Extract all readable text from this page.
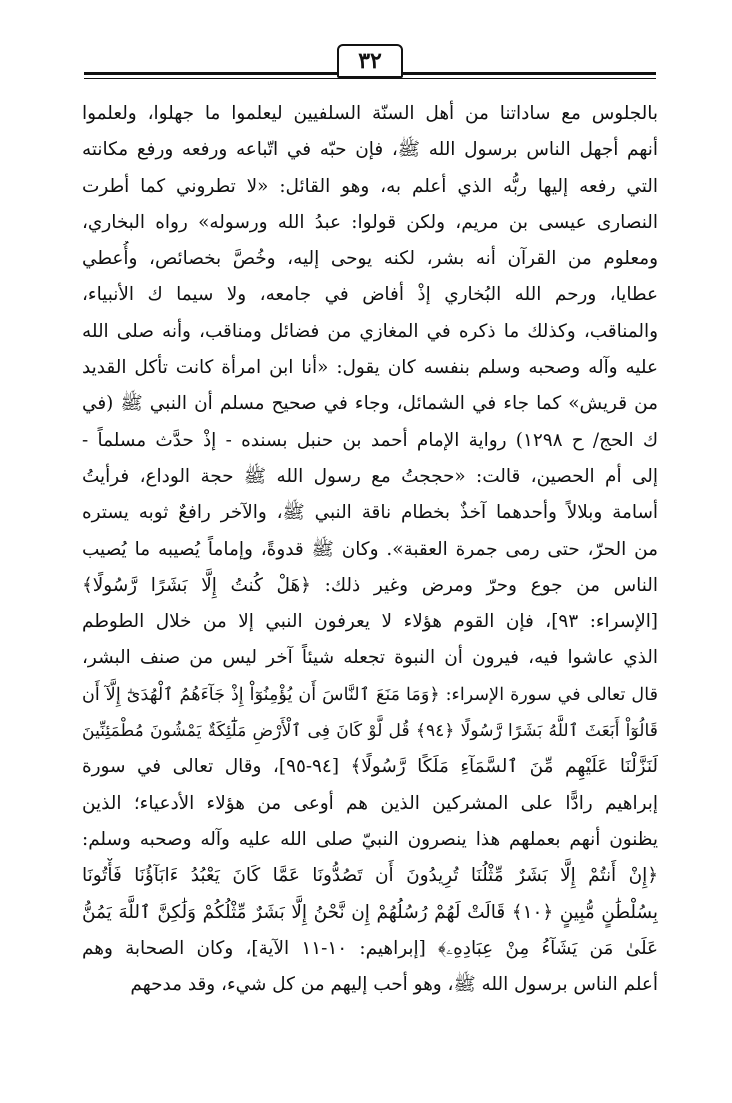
٣٢
بالجلوس مع ساداتنا من أهل السنّة السلفيين ليعلموا ما جهلوا، ولعلموا
أنهم أجهل الناس برسول الله ﷺ، فإن حبّه في اتّباعه ورفعه ورفع مكانته
التي رفعه إليها ربُّه الذي أعلم به، وهو القائل: «لا تطروني كما أطرت
النصارى عيسى بن مريم، ولكن قولوا: عبدُ الله ورسوله» رواه البخاري،
ومعلوم من القرآن أنه بشر، لكنه يوحى إليه، وخُصَّ بخصائص، وأُعطي
عطايا، ورحم الله البُخاري إذْ أفاض في جامعه، ولا سيما ك الأنبياء،
والمناقب، وكذلك ما ذكره في المغازي من فضائل ومناقب، وأنه صلى الله
عليه وآله وصحبه وسلم بنفسه كان يقول: «أنا ابن امرأة كانت تأكل القديد
من قريش» كما جاء في الشمائل، وجاء في صحيح مسلم أن النبي ﷺ (في
ك الحج/ ح ١٢٩٨) رواية الإمام أحمد بن حنبل بسنده - إذْ حدَّث مسلماً -
إلى أم الحصين، قالت: «حججتُ مع رسول الله ﷺ حجة الوداع، فرأيتُ
أسامة وبلالاً وأحدهما آخذٌ بخطام ناقة النبي ﷺ، والآخر رافعٌ ثوبه يستره
من الحرّ، حتى رمى جمرة العقبة». وكان ﷺ قدوةً، وإماماً يُصيبه ما يُصيب
الناس من جوع وحرّ ومرض وغير ذلك: ﴿هَلْ كُنتُ إِلَّا بَشَرًا رَّسُولًا﴾
[الإسراء: ٩٣]، فإن القوم هؤلاء لا يعرفون النبي إلا من خلال الطوطم
الذي عاشوا فيه، فيرون أن النبوة تجعله شيئاً آخر ليس من صنف البشر،
قال تعالى في سورة الإسراء: ﴿وَمَا مَنَعَ ٱلنَّاسَ أَن يُؤْمِنُوٓاْ إِذْ جَآءَهُمُ ٱلْهُدَىٰٓ إِلَّآ أَن
قَالُوٓاْ أَبَعَثَ ٱللَّهُ بَشَرًا رَّسُولًا ﴿٩٤﴾ قُل لَّوْ كَانَ فِى ٱلْأَرْضِ مَلَٰٓئِكَةٌ يَمْشُونَ مُطْمَئِنِّينَ
لَنَزَّلْنَا عَلَيْهِم مِّنَ ٱلسَّمَآءِ مَلَكًا رَّسُولًا﴾ [٩٤-٩٥]، وقال تعالى في سورة
إبراهيم رادًّا على المشركين الذين هم أوعى من هؤلاء الأدعياء؛ الذين
يظنون أنهم بعملهم هذا ينصرون النبيّ صلى الله عليه وآله وصحبه وسلم:
﴿إِنْ أَنتُمْ إِلَّا بَشَرٌ مِّثْلُنَا تُرِيدُونَ أَن تَصُدُّونَا عَمَّا كَانَ يَعْبُدُ ءَابَآؤُنَا فَأْتُونَا
بِسُلْطَٰنٍ مُّبِينٍ ﴿١٠﴾ قَالَتْ لَهُمْ رُسُلُهُمْ إِن نَّحْنُ إِلَّا بَشَرٌ مِّثْلُكُمْ وَلَٰكِنَّ ٱللَّهَ يَمُنُّ
عَلَىٰ مَن يَشَآءُ مِنْ عِبَادِهِۦ﴾ [إبراهيم: ١٠-١١ الآية]، وكان الصحابة وهم
أعلم الناس برسول الله ﷺ، وهو أحب إليهم من كل شيء، وقد مدحهم
